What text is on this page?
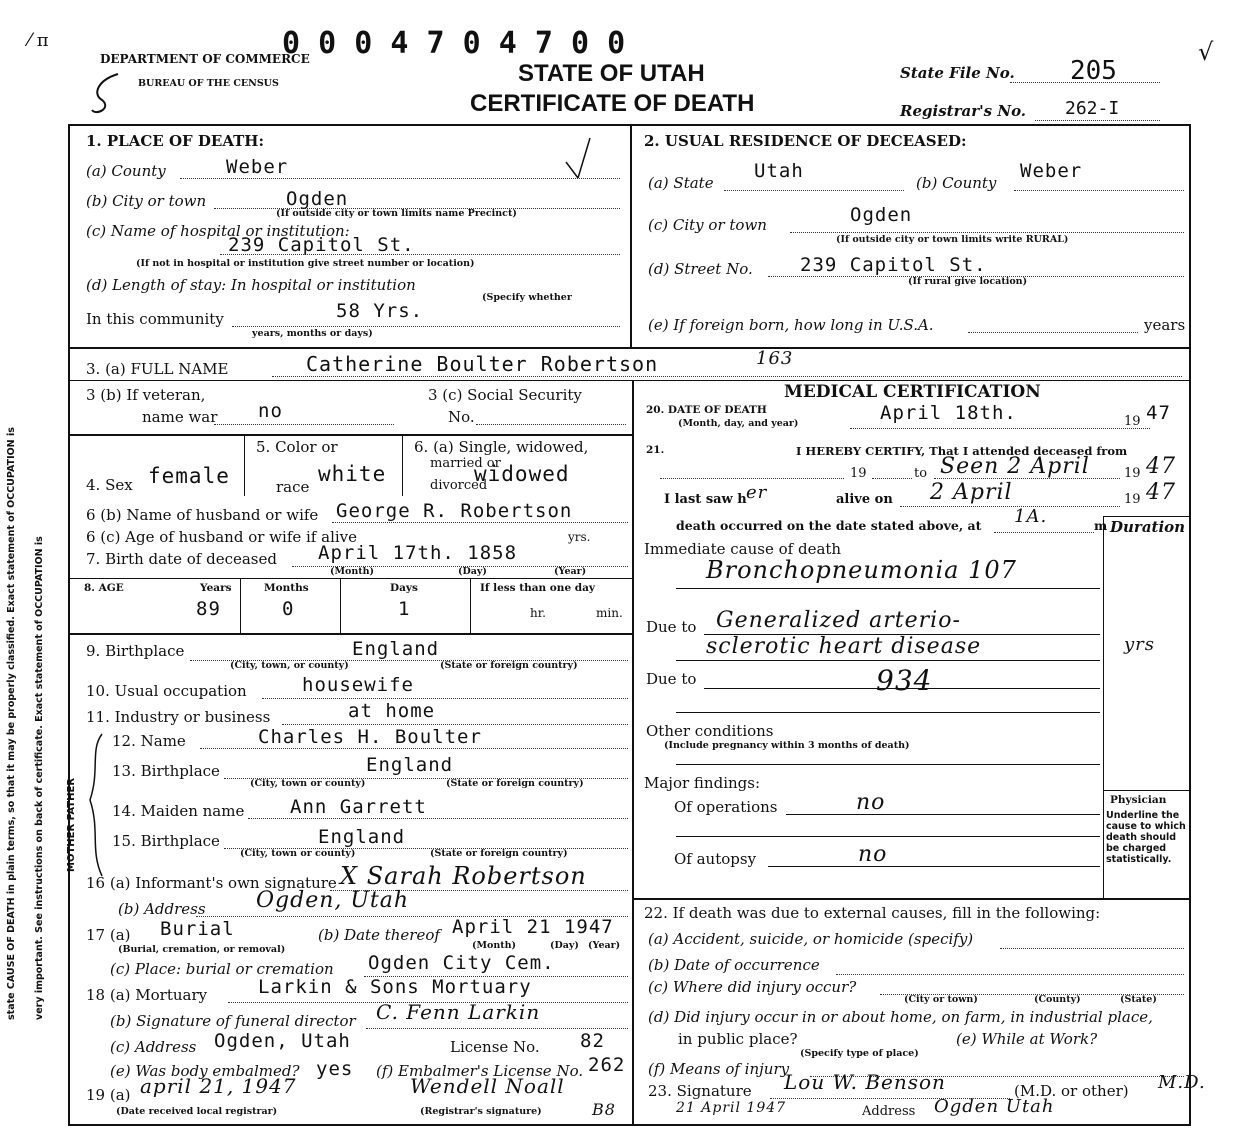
state CAUSE OF DEATH in plain terms, so that it may be properly classified. Exact statement of OCCUPATION is very important. See instructions on back of certificate. Exact statement of OCCUPATION is
0 0 0 4 7 0 4 7 0 0
⁄ π	√
DEPARTMENT OF COMMERCE
BUREAU OF THE CENSUS	STATE OF UTAH
CERTIFICATE OF DEATH
State File No. 205
Registrar's No. 262-I
1. PLACE OF DEATH:
(a) County	Weber
(b) City or town	Ogden
(If outside city or town limits name Precinct)
(c) Name of hospital or institution:
239 Capitol St.
(If not in hospital or institution give street number or location)
(d) Length of stay: In hospital or institution
(Specify whether
In this community	58 Yrs.
years, months or days)
2. USUAL RESIDENCE OF DECEASED:
(a) State
Utah
(b) County
Weber
(c) City or town	Ogden
(If outside city or town limits write RURAL)
(d) Street No. 239 Capitol St.
(If rural give location)
(e) If foreign born, how long in U.S.A.	years
3. (a) FULL NAME	Catherine Boulter Robertson	163
3 (b) If veteran,
name war no
3 (c) Social Security
No.
4. Sex female
5. Color or
race
white
6. (a) Single, widowed,
married or
divorced
widowed
6 (b) Name of husband or wife George R. Robertson
6 (c) Age of husband or wife if alive	yrs.
7. Birth date of deceased April 17th. 1858
(Month)	(Day)	(Year)
8. AGE	Years	Months	Days	If less than one day
89	0	1	hr.	min.
9. Birthplace	England
(City, town, or county)	(State or foreign country)
10. Usual occupation	housewife
11. Industry or business	at home
MOTHER FATHER
12. Name	Charles H. Boulter
13. Birthplace	England
(City, town or county)	(State or foreign country)
14. Maiden name Ann Garrett
15. Birthplace	England
(City, town or county)	(State or foreign country)
16 (a) Informant's own signature X Sarah Robertson
(b) Address Ogden, Utah
17 (a) Burial
(Burial, cremation, or removal)
(b) Date thereof April 21 1947
(Month)	(Day) (Year)
(c) Place: burial or cremation Ogden City Cem.
18 (a) Mortuary	Larkin & Sons Mortuary
(b) Signature of funeral director C. Fenn Larkin
(c) Address Ogden, Utah	License No. 82
(e) Was body embalmed? yes (f) Embalmer's License No. 262
19 (a) april 21, 1947
(Date received local registrar)
Wendell Noall
(Registrar's signature)	B8
MEDICAL CERTIFICATION
20. DATE OF DEATH
(Month, day, and year)	April 18th.	19 47
21.	I HEREBY CERTIFY, That I attended deceased from
19	to Seen 2 April	19 47
I last saw h er	alive on 2 April	19 47
death occurred on the date stated above, at 1A.	m Duration
Immediate cause of death
Bronchopneumonia 107
Due to Generalized arterio-
sclerotic heart disease	yrs
Due to	934
Other conditions
(Include pregnancy within 3 months of death)
Major findings:
Of operations	no
Of autopsy	no
Physician
Underline the cause to which death should be charged statistically.
22. If death was due to external causes, fill in the following:
(a) Accident, suicide, or homicide (specify)
(b) Date of occurrence
(c) Where did injury occur?
(City or town)	(County)	(State)
(d) Did injury occur in or about home, on farm, in industrial place,
in public place?
(Specify type of place)
(e) While at Work?
(f) Means of injury
23. Signature Lou W. Benson	(M.D. or other) M.D.
21 April 1947	Address Ogden Utah
